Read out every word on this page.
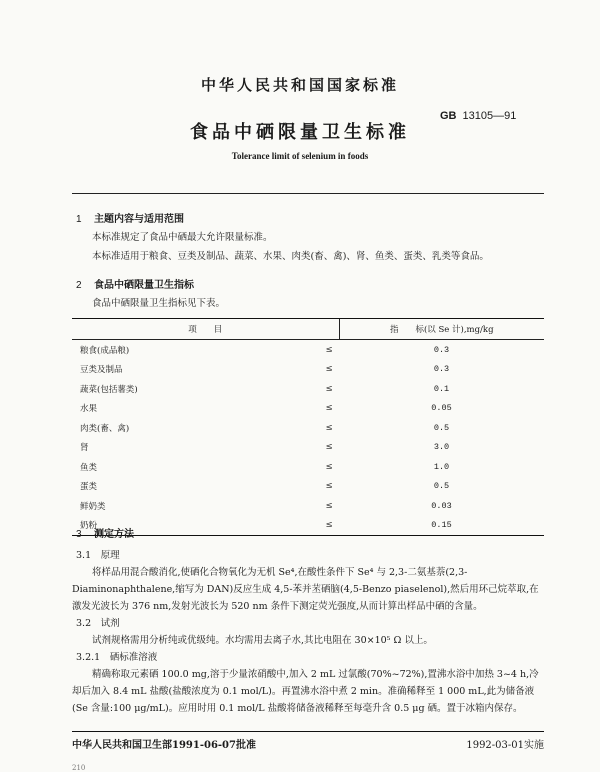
中华人民共和国国家标准
食品中硒限量卫生标准
GB 13105—91
Tolerance limit of selenium in foods
1 主题内容与适用范围
本标准规定了食品中硒最大允许限量标准。
本标准适用于粮食、豆类及制品、蔬菜、水果、肉类(畜、禽)、肾、鱼类、蛋类、乳类等食品。
2 食品中硒限量卫生指标
食品中硒限量卫生指标见下表。
项　　目		指　　标(以 Se 计),mg/kg
粮食(成品粮)	≤	0.3
豆类及制品	≤	0.3
蔬菜(包括薯类)	≤	0.1
水果	≤	0.05
肉类(畜、禽)	≤	0.5
肾	≤	3.0
鱼类	≤	1.0
蛋类	≤	0.5
鲜奶类	≤	0.03
奶粉	≤	0.15
3 测定方法
3.1　 原理
将样品用混合酸消化,使硒化合物氧化为无机 Se⁴,在酸性条件下 Se⁴ 与 2,3-二氨基萘(2,3-Diaminonaphthalene,缩写为 DAN)反应生成 4,5-苯并苤硒脑(4,5-Benzo piaselenol),然后用环己烷萃取,在激发光波长为 376 nm,发射光波长为 520 nm 条件下测定荧光强度,从而计算出样品中硒的含量。
3.2　 试剂
试剂规格需用分析纯或优级纯。水均需用去离子水,其比电阻在 30×10⁵ Ω 以上。
3.2.1　 硒标准溶液
精确称取元素硒 100.0 mg,溶于少量浓硝酸中,加入 2 mL 过氯酸(70%~72%),置沸水浴中加热 3~4 h,冷却后加入 8.4 mL 盐酸(盐酸浓度为 0.1 mol/L)。再置沸水浴中煮 2 min。准确稀释至 1 000 mL,此为储备液(Se 含量:100 μg/mL)。应用时用 0.1 mol/L 盐酸将储备液稀释至每毫升含 0.5 μg 硒。置于冰箱内保存。
中华人民共和国卫生部1991-06-07批准	1992-03-01实施
210
